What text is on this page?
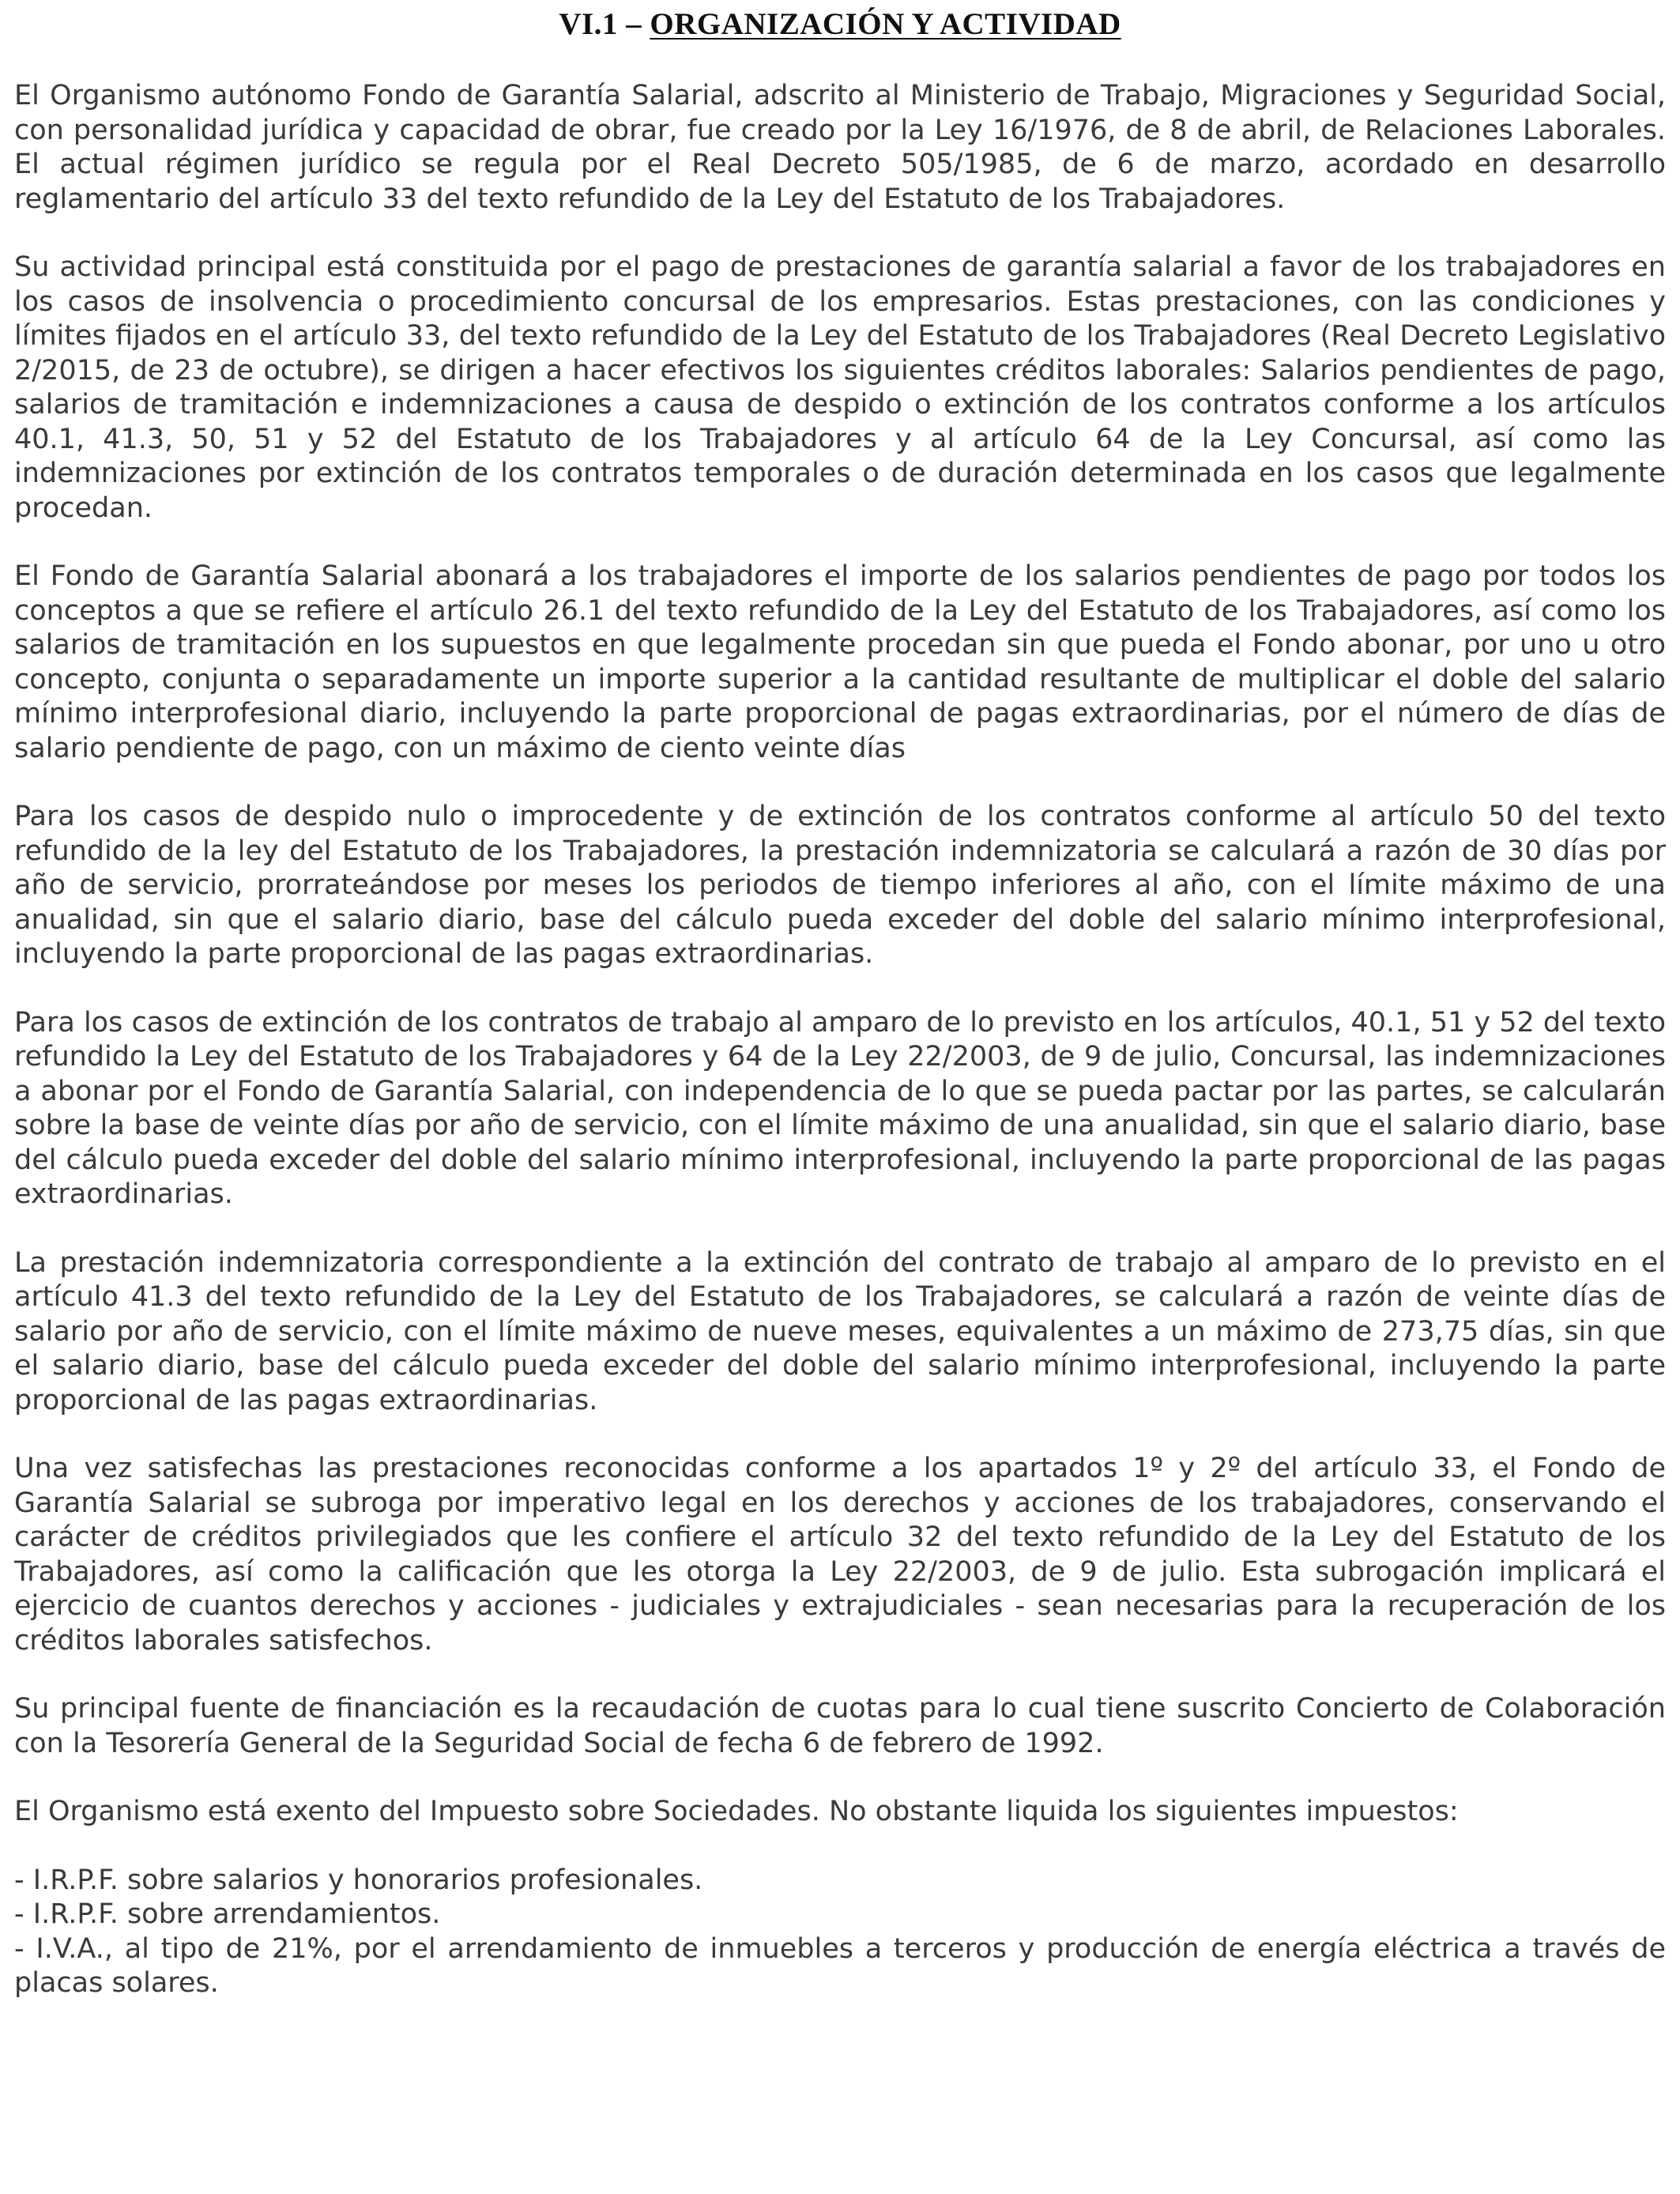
VI.1 – ORGANIZACIÓN Y ACTIVIDAD

El Organismo autónomo Fondo de Garantía Salarial, adscrito al Ministerio de Trabajo, Migraciones y Seguridad Social, con personalidad jurídica y capacidad de obrar, fue creado por la Ley 16/1976, de 8 de abril, de Relaciones Laborales. El actual régimen jurídico se regula por el Real Decreto 505/1985, de 6 de marzo, acordado en desarrollo reglamentario del artículo 33 del texto refundido de la Ley del Estatuto de los Trabajadores.

Su actividad principal está constituida por el pago de prestaciones de garantía salarial a favor de los trabajadores en los casos de insolvencia o procedimiento concursal de los empresarios. Estas prestaciones, con las condiciones y límites fijados en el artículo 33, del texto refundido de la Ley del Estatuto de los Trabajadores (Real Decreto Legislativo 2/2015, de 23 de octubre), se dirigen a hacer efectivos los siguientes créditos laborales: Salarios pendientes de pago, salarios de tramitación e indemnizaciones a causa de despido o extinción de los contratos conforme a los artículos 40.1, 41.3, 50, 51 y 52 del Estatuto de los Trabajadores y al artículo 64 de la Ley Concursal, así como las indemnizaciones por extinción de los contratos temporales o de duración determinada en los casos que legalmente procedan.

El Fondo de Garantía Salarial abonará a los trabajadores el importe de los salarios pendientes de pago por todos los conceptos a que se refiere el artículo 26.1 del texto refundido de la Ley del Estatuto de los Trabajadores, así como los salarios de tramitación en los supuestos en que legalmente procedan sin que pueda el Fondo abonar, por uno u otro concepto, conjunta o separadamente un importe superior a la cantidad resultante de multiplicar el doble del salario mínimo interprofesional diario, incluyendo la parte proporcional de pagas extraordinarias, por el número de días de salario pendiente de pago, con un máximo de ciento veinte días

Para los casos de despido nulo o improcedente y de extinción de los contratos conforme al artículo 50 del texto refundido de la ley del Estatuto de los Trabajadores, la prestación indemnizatoria se calculará a razón de 30 días por año de servicio, prorrateándose por meses los periodos de tiempo inferiores al año, con el límite máximo de una anualidad, sin que el salario diario, base del cálculo pueda exceder del doble del salario mínimo interprofesional, incluyendo la parte proporcional de las pagas extraordinarias.

Para los casos de extinción de los contratos de trabajo al amparo de lo previsto en los artículos, 40.1, 51 y 52 del texto refundido la Ley del Estatuto de los Trabajadores y 64 de la Ley 22/2003, de 9 de julio, Concursal, las indemnizaciones a abonar por el Fondo de Garantía Salarial, con independencia de lo que se pueda pactar por las partes, se calcularán sobre la base de veinte días por año de servicio, con el límite máximo de una anualidad, sin que el salario diario, base del cálculo pueda exceder del doble del salario mínimo interprofesional, incluyendo la parte proporcional de las pagas extraordinarias.

La prestación indemnizatoria correspondiente a la extinción del contrato de trabajo al amparo de lo previsto en el artículo 41.3 del texto refundido de la Ley del Estatuto de los Trabajadores, se calculará a razón de veinte días de salario por año de servicio, con el límite máximo de nueve meses, equivalentes a un máximo de 273,75 días, sin que el salario diario, base del cálculo pueda exceder del doble del salario mínimo interprofesional, incluyendo la parte proporcional de las pagas extraordinarias.

Una vez satisfechas las prestaciones reconocidas conforme a los apartados 1º y 2º del artículo 33, el Fondo de Garantía Salarial se subroga por imperativo legal en los derechos y acciones de los trabajadores, conservando el carácter de créditos privilegiados que les confiere el artículo 32 del texto refundido de la Ley del Estatuto de los Trabajadores, así como la calificación que les otorga la Ley 22/2003, de 9 de julio. Esta subrogación implicará el ejercicio de cuantos derechos y acciones - judiciales y extrajudiciales - sean necesarias para la recuperación de los créditos laborales satisfechos.

Su principal fuente de financiación es la recaudación de cuotas para lo cual tiene suscrito Concierto de Colaboración con la Tesorería General de la Seguridad Social de fecha 6 de febrero de 1992.

El Organismo está exento del Impuesto sobre Sociedades. No obstante liquida los siguientes impuestos:

- I.R.P.F. sobre salarios y honorarios profesionales.

- I.R.P.F. sobre arrendamientos.

- I.V.A., al tipo de 21%, por el arrendamiento de inmuebles a terceros y producción de energía eléctrica a través de placas solares.
